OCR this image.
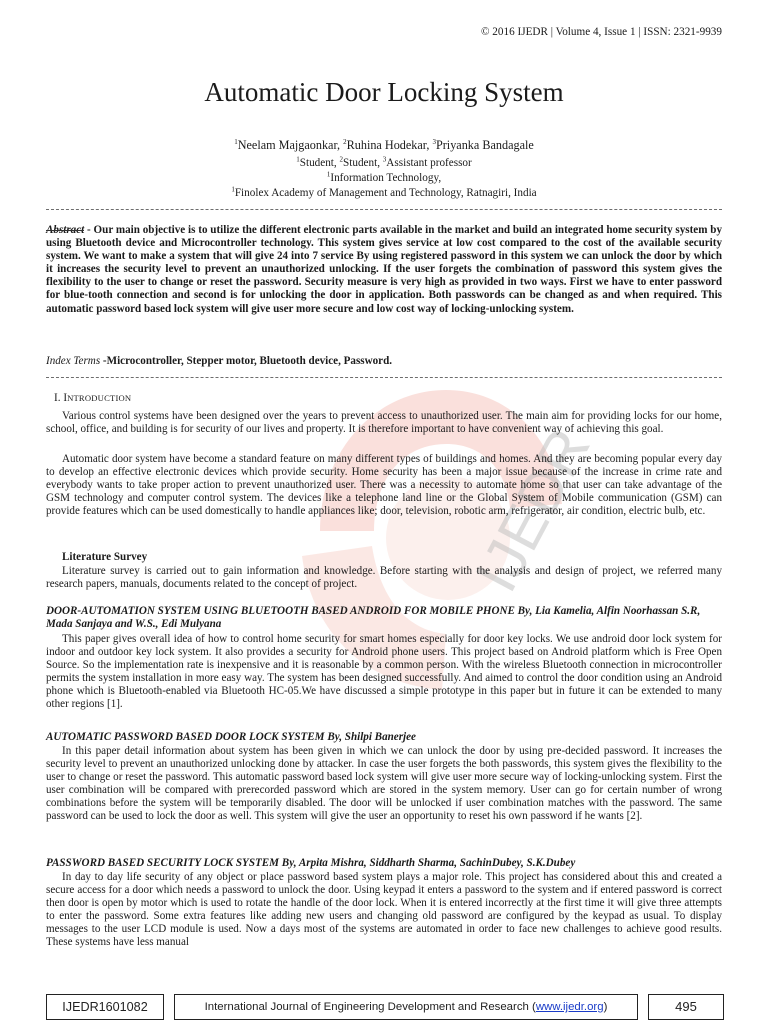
IJEDR
© 2016 IJEDR | Volume 4, Issue 1 | ISSN: 2321-9939
Automatic Door Locking System
$^1$Neelam Majgaonkar, $^2$Ruhina Hodekar, $^3$Priyanka Bandagale
$^1$Student, $^2$Student, $^3$Assistant professor
$^1$Information Technology,
$^1$Finolex Academy of Management and Technology, Ratnagiri, India
Abstract
- Our main objective is to utilize the different electronic parts available in the market and build an integrated home security system by using Bluetooth device and Microcontroller technology. This system gives service at low cost compared to the cost of the available security system. We want to make a system that will give 24 into 7 service By using registered password in this system we can unlock the door by which it increases the security level to prevent an unauthorized unlocking. If the user forgets the combination of password this system gives the flexibility to the user to change or reset the password. Security measure is very high as provided in two ways. First we have to enter password for blue-tooth connection and second is for unlocking the door in application. Both passwords can be changed as and when required. This automatic password based lock system will give user more secure and low cost way of locking-unlocking system.
Index Terms -Microcontroller, Stepper motor, Bluetooth device, Password.
I. INTRODUCTION
Various control systems have been designed over the years to prevent access to unauthorized user. The main aim for providing locks for our home, school, office, and building is for security of our lives and property. It is therefore important to have convenient way of achieving this goal.
Automatic door system have become a standard feature on many different types of buildings and homes. And they are becoming popular every day to develop an effective electronic devices which provide security. Home security has been a major issue because of the increase in crime rate and everybody wants to take proper action to prevent unauthorized user. There was a necessity to automate home so that user can take advantage of the GSM technology and computer control system. The devices like a telephone land line or the Global System of Mobile communication (GSM) can provide features which can be used domestically to handle appliances like; door, television, robotic arm, refrigerator, air condition, electric bulb, etc.
Literature Survey
Literature survey is carried out to gain information and knowledge. Before starting with the analysis and design of project, we referred many research papers, manuals, documents related to the concept of project.
DOOR-AUTOMATION SYSTEM USING BLUETOOTH BASED ANDROID FOR MOBILE PHONE By, Lia Kamelia, Alfin Noorhassan S.R, Mada Sanjaya and W.S., Edi Mulyana
This paper gives overall idea of how to control home security for smart homes especially for door key locks. We use android door lock system for indoor and outdoor key lock system. It also provides a security for Android phone users. This project based on Android platform which is Free Open Source. So the implementation rate is inexpensive and it is reasonable by a common person. With the wireless Bluetooth connection in microcontroller permits the system installation in more easy way. The system has been designed successfully. And aimed to control the door condition using an Android phone which is Bluetooth-enabled via Bluetooth HC-05.We have discussed a simple prototype in this paper but in future it can be extended to many other regions [1].
AUTOMATIC PASSWORD BASED DOOR LOCK SYSTEM By, Shilpi Banerjee
In this paper detail information about system has been given in which we can unlock the door by using pre-decided password. It increases the security level to prevent an unauthorized unlocking done by attacker. In case the user forgets the both passwords, this system gives the flexibility to the user to change or reset the password. This automatic password based lock system will give user more secure way of locking-unlocking system. First the user combination will be compared with prerecorded password which are stored in the system memory. User can go for certain number of wrong combinations before the system will be temporarily disabled. The door will be unlocked if user combination matches with the password. The same password can be used to lock the door as well. This system will give the user an opportunity to reset his own password if he wants [2].
PASSWORD BASED SECURITY LOCK SYSTEM By, Arpita Mishra, Siddharth Sharma, SachinDubey, S.K.Dubey
In day to day life security of any object or place password based system plays a major role. This project has considered about this and created a secure access for a door which needs a password to unlock the door. Using keypad it enters a password to the system and if entered password is correct then door is open by motor which is used to rotate the handle of the door lock. When it is entered incorrectly at the first time it will give three attempts to enter the password. Some extra features like adding new users and changing old password are configured by the keypad as usual. To display messages to the user LCD module is used. Now a days most of the systems are automated in order to face new challenges to achieve good results. These systems have less manual
IJEDR1601082	International Journal of Engineering Development and Research (www.ijedr.org)	495
